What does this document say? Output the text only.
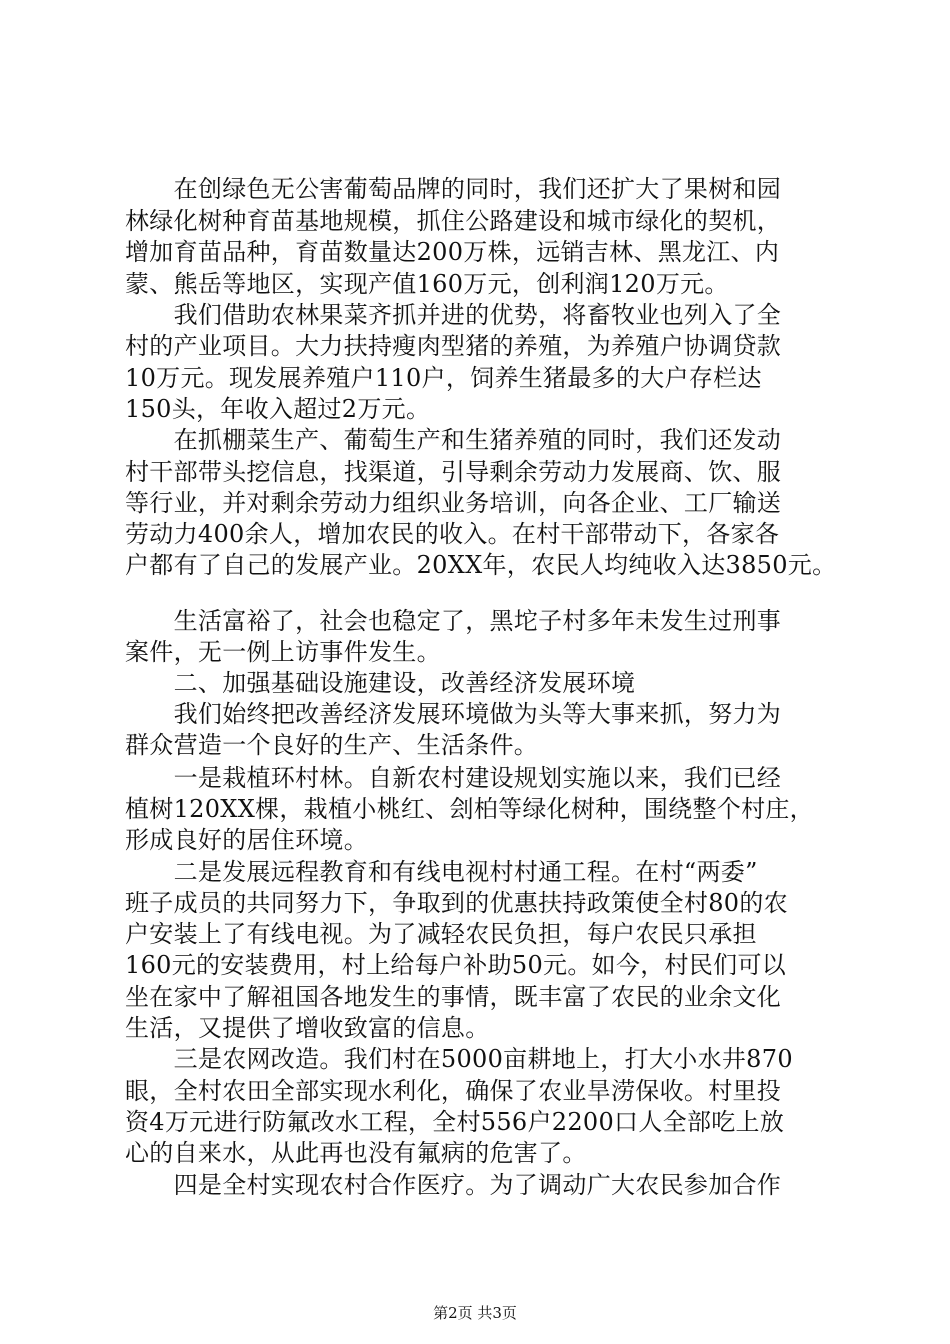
　　在创绿色无公害葡萄品牌的同时，我们还扩大了果树和园
林绿化树种育苗基地规模，抓住公路建设和城市绿化的契机，
增加育苗品种，育苗数量达200万株，远销吉林、黑龙江、内
蒙、熊岳等地区，实现产值160万元，创利润120万元。
　　我们借助农林果菜齐抓并进的优势，将畜牧业也列入了全
村的产业项目。大力扶持瘦肉型猪的养殖，为养殖户协调贷款
10万元。现发展养殖户110户，饲养生猪最多的大户存栏达
150头，年收入超过2万元。
　　在抓棚菜生产、葡萄生产和生猪养殖的同时，我们还发动
村干部带头挖信息，找渠道，引导剩余劳动力发展商、饮、服
等行业，并对剩余劳动力组织业务培训，向各企业、工厂输送
劳动力400余人，增加农民的收入。在村干部带动下，各家各
户都有了自己的发展产业。20XX年，农民人均纯收入达3850元。
　　生活富裕了，社会也稳定了，黑坨子村多年未发生过刑事
案件，无一例上访事件发生。
　　二、加强基础设施建设，改善经济发展环境
　　我们始终把改善经济发展环境做为头等大事来抓，努力为
群众营造一个良好的生产、生活条件。
　　一是栽植环村林。自新农村建设规划实施以来，我们已经
植树120XX棵，栽植小桃红、刽柏等绿化树种，围绕整个村庄，
形成良好的居住环境。
　　二是发展远程教育和有线电视村村通工程。在村“两委”
班子成员的共同努力下，争取到的优惠扶持政策使全村80的农
户安装上了有线电视。为了减轻农民负担，每户农民只承担
160元的安装费用，村上给每户补助50元。如今，村民们可以
坐在家中了解祖国各地发生的事情，既丰富了农民的业余文化
生活，又提供了增收致富的信息。
　　三是农网改造。我们村在5000亩耕地上，打大小水井870
眼，全村农田全部实现水利化，确保了农业旱涝保收。村里投
资4万元进行防氟改水工程，全村556户2200口人全部吃上放
心的自来水，从此再也没有氟病的危害了。
　　四是全村实现农村合作医疗。为了调动广大农民参加合作
第2页 共3页
